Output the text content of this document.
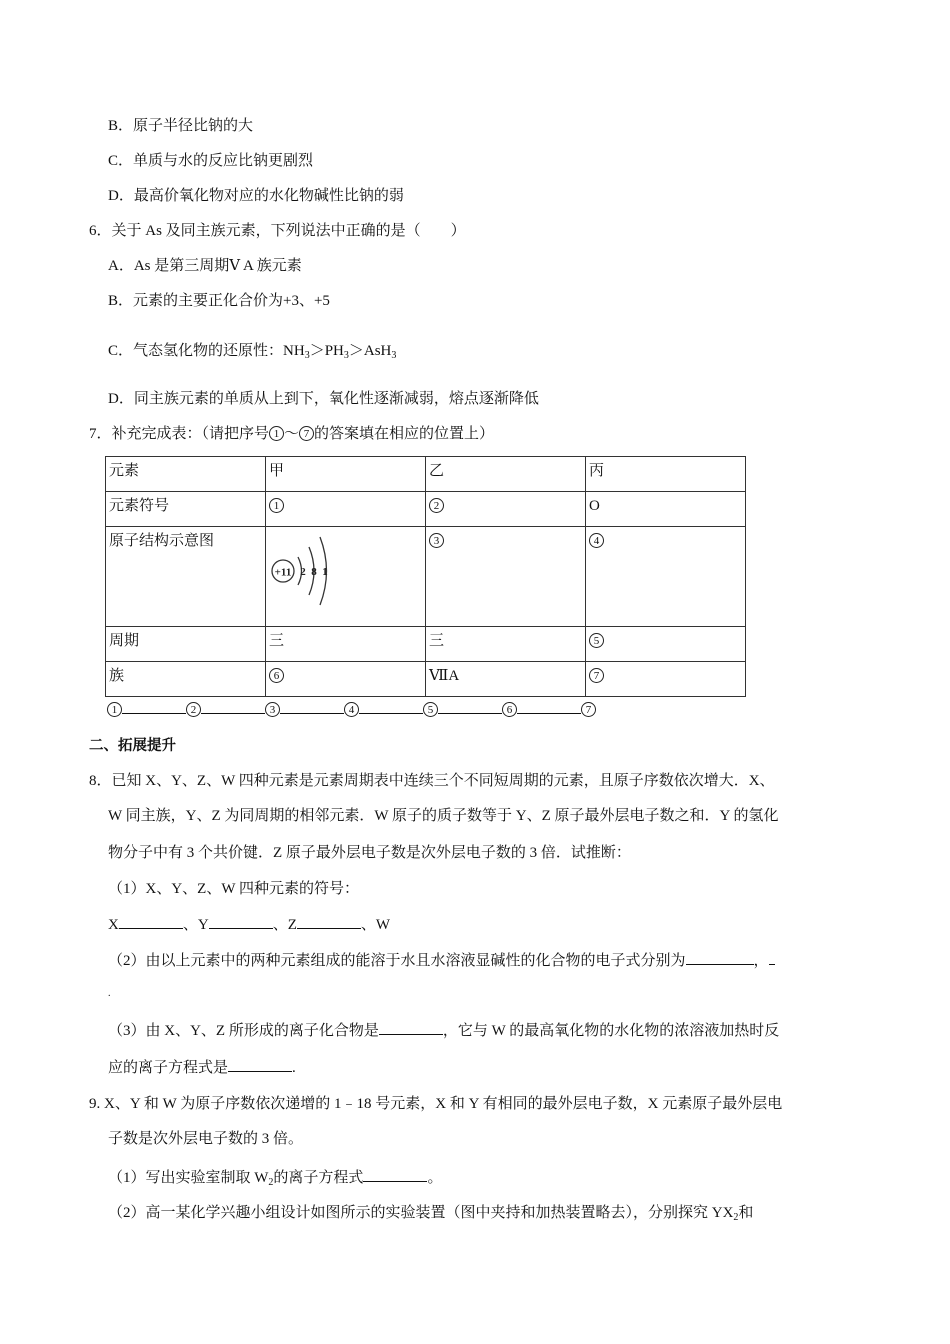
B．原子半径比钠的大
C．单质与水的反应比钠更剧烈
D．最高价氧化物对应的水化物碱性比钠的弱
6．关于 As 及同主族元素，下列说法中正确的是（　　）
A．As 是第三周期Ⅴ A 族元素
B．元素的主要正化合价为+3、+5
C．气态氢化物的还原性：$NH_3>PH_3>AsH_3$
D．同主族元素的单质从上到下，氧化性逐渐减弱，熔点逐渐降低
7．补充完成表：（请把序号 1 ～ 7 的答案填在相应的位置上）
元素	甲	乙	丙
元素符号	1	2	O
原子结构示意图	+11 2 8 1	3	4
周期	三	三	5
族	6	ⅦA	7
1	2	3	4	5	6	7
二、拓展提升
8．已知 X、Y、Z、W 四种元素是元素周期表中连续三个不同短周期的元素，且原子序数依次增大．X、
W 同主族，Y、Z 为同周期的相邻元素．W 原子的质子数等于 Y、Z 原子最外层电子数之和．Y 的氢化
物分子中有 3 个共价键．Z 原子最外层电子数是次外层电子数的 3 倍．试推断：
（1）X、Y、Z、W 四种元素的符号：
X	、Y	、Z	、W
（2）由以上元素中的两种元素组成的能溶于水且水溶液显碱性的化合物的电子式分别为	，
.
（3）由 X、Y、Z 所形成的离子化合物是	，它与 W 的最高氧化物的水化物的浓溶液加热时反
应的离子方程式是	.
9. X、Y 和 W 为原子序数依次递增的 1﹣18 号元素，X 和 Y 有相同的最外层电子数，X 元素原子最外层电
子数是次外层电子数的 3 倍。
（1）写出实验室制取 $W_2$的离子方程式	。
（2）高一某化学兴趣小组设计如图所示的实验装置（图中夹持和加热装置略去），分别探究 $YX_2$和
